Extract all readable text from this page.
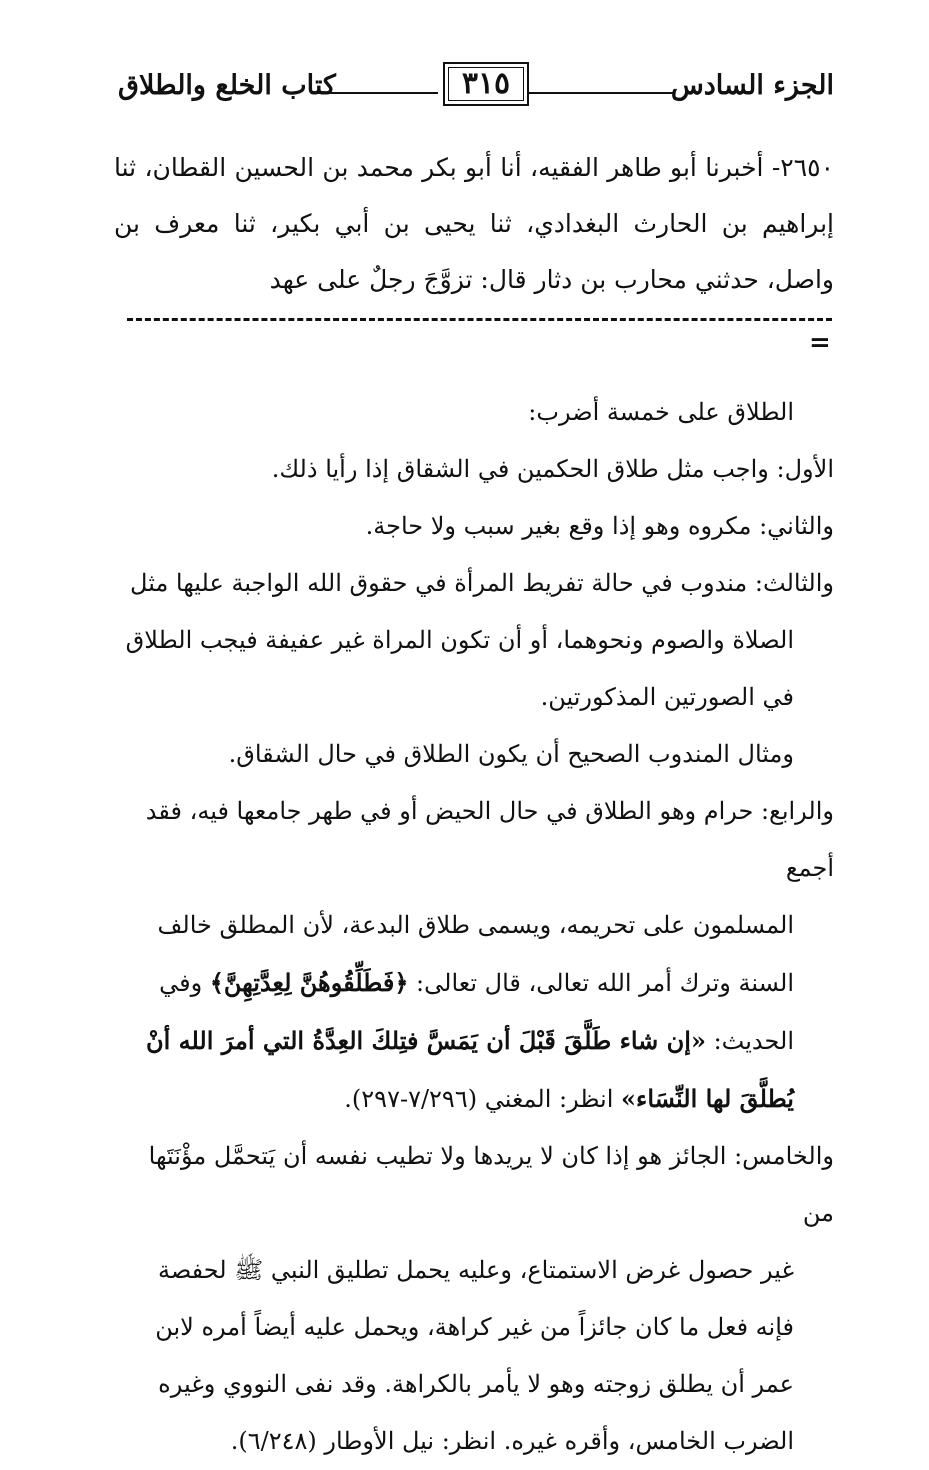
الجزء السادس
٣١٥
كتاب الخلع والطلاق
٢٦٥٠- أخبرنا أبو طاهر الفقيه، أنا أبو بكر محمد بن الحسين القطان، ثنا إبراهيم بن الحارث البغدادي، ثنا يحيى بن أبي بكير، ثنا معرف بن واصل، حدثني محارب بن دثار قال: تزوَّجَ رجلٌ على عهد
=

الطلاق على خمسة أضرب:

الأول: واجب مثل طلاق الحكمين في الشقاق إذا رأيا ذلك.

والثاني: مكروه وهو إذا وقع بغير سبب ولا حاجة.

والثالث: مندوب في حالة تفريط المرأة في حقوق الله الواجبة عليها مثل

الصلاة والصوم ونحوهما، أو أن تكون المراة غير عفيفة فيجب الطلاق في الصورتين المذكورتين.

ومثال المندوب الصحيح أن يكون الطلاق في حال الشقاق.

والرابع: حرام وهو الطلاق في حال الحيض أو في طهر جامعها فيه، فقد أجمع

المسلمون على تحريمه، ويسمى طلاق البدعة، لأن المطلق خالف السنة وترك أمر الله تعالى، قال تعالى: ﴿فَطَلِّقُوهُنَّ لِعِدَّتِهِنَّ﴾ وفي الحديث: «إن شاء طَلَّقَ قَبْلَ أن يَمَسَّ فتِلكَ العِدَّةُ التي أمرَ الله أنْ يُطلَّقَ لها النِّسَاء» انظر: المغني (٧/٢٩٦-٢٩٧).

والخامس: الجائز هو إذا كان لا يريدها ولا تطيب نفسه أن يَتحمَّل مؤْنَتَها من

غير حصول غرض الاستمتاع، وعليه يحمل تطليق النبي ﷺ لحفصة فإنه فعل ما كان جائزاً من غير كراهة، ويحمل عليه أيضاً أمره لابن عمر أن يطلق زوجته وهو لا يأمر بالكراهة. وقد نفى النووي وغيره الضرب الخامس، وأقره غيره. انظر: نيل الأوطار (٦/٢٤٨).
